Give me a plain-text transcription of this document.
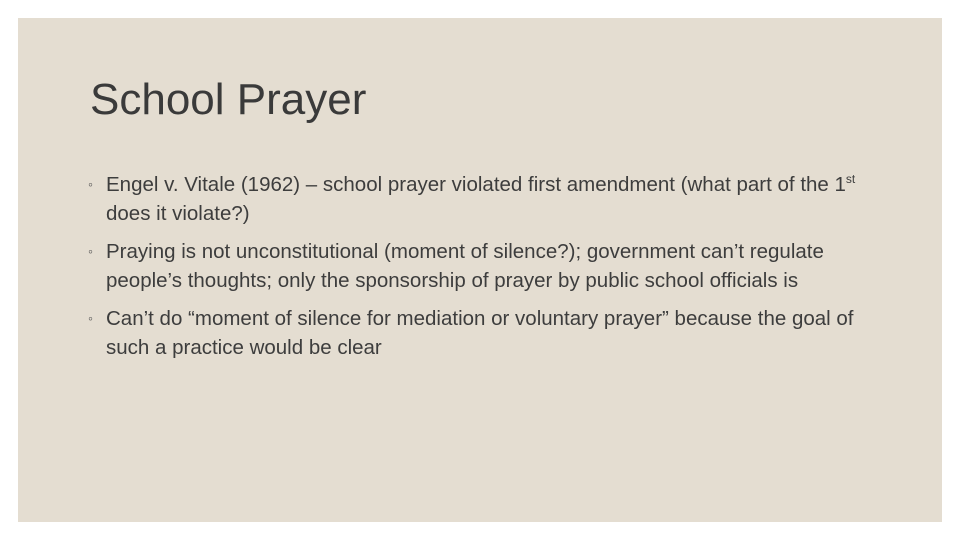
School Prayer
◦ Engel v. Vitale (1962) – school prayer violated first amendment (what part of the 1st does it violate?)
◦ Praying is not unconstitutional (moment of silence?); government can’t regulate people’s thoughts; only the sponsorship of prayer by public school officials is
◦ Can’t do “moment of silence for mediation or voluntary prayer” because the goal of such a practice would be clear
